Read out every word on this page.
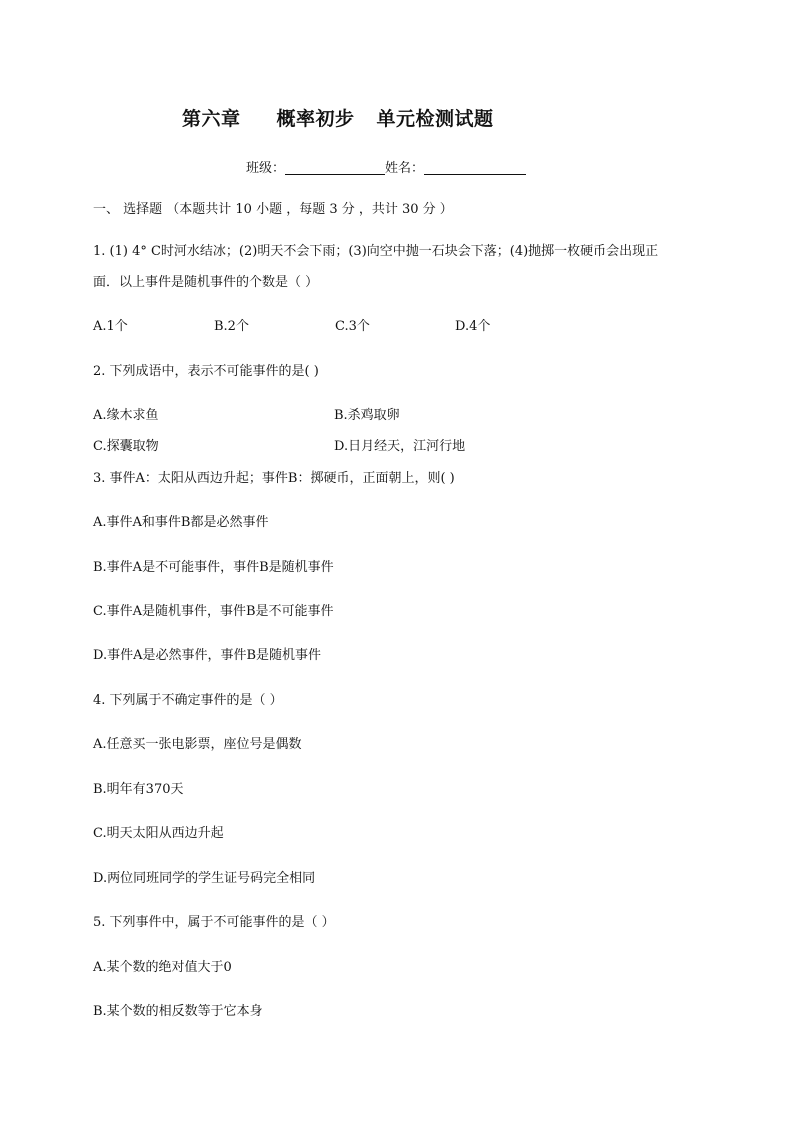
第六章 概率初步 单元检测试题
班级：	姓名：
一、 选择题 （本题共计 10 小题 ，每题 3 分 ，共计 30 分 ）
1. (1) 4° C时河水结冰；(2)明天不会下雨；(3)向空中抛一石块会下落；(4)抛掷一枚硬币会出现正
面．以上事件是随机事件的个数是（ ）
A.1个	B.2个	C.3个	D.4个
2. 下列成语中，表示不可能事件的是( )
A.缘木求鱼	B.杀鸡取卵
C.探囊取物	D.日月经天，江河行地
3. 事件A：太阳从西边升起；事件B：掷硬币，正面朝上，则( )
A.事件A和事件B都是必然事件
B.事件A是不可能事件，事件B是随机事件
C.事件A是随机事件，事件B是不可能事件
D.事件A是必然事件，事件B是随机事件
4. 下列属于不确定事件的是（ ）
A.任意买一张电影票，座位号是偶数
B.明年有370天
C.明天太阳从西边升起
D.两位同班同学的学生证号码完全相同
5. 下列事件中，属于不可能事件的是（ ）
A.某个数的绝对值大于0
B.某个数的相反数等于它本身
